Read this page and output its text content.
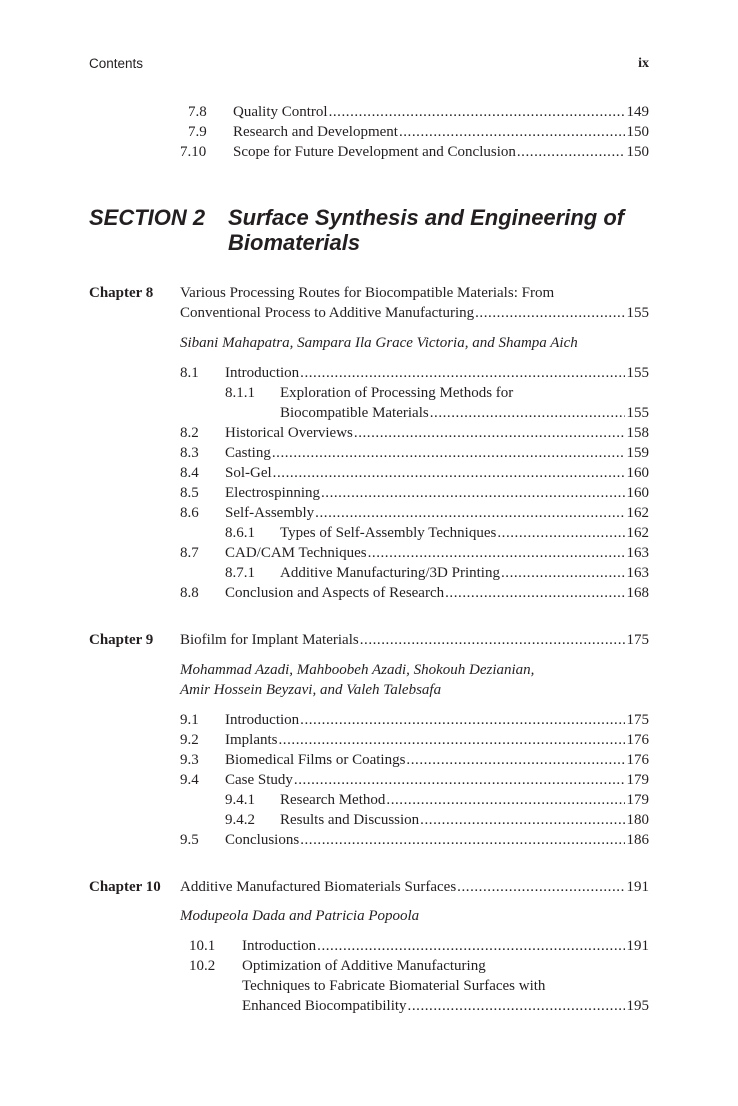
Contents	ix
7.8 Quality Control . . .	149
7.9 Research and Development . . .	150
7.10 Scope for Future Development and Conclusion . . .	150
SECTION 2 Surface Synthesis and Engineering of Biomaterials
Chapter 8 Various Processing Routes for Biocompatible Materials: From
Conventional Process to Additive Manufacturing . . .	155
Sibani Mahapatra, Sampara Ila Grace Victoria, and Shampa Aich
8.1 Introduction . . .	155
8.1.1 Exploration of Processing Methods for
Biocompatible Materials . . .	155
8.2 Historical Overviews . . .	158
8.3 Casting . . .	159
8.4 Sol-Gel . . .	160
8.5 Electrospinning . . .	160
8.6 Self-Assembly . . .	162
8.6.1 Types of Self-Assembly Techniques . . .	162
8.7 CAD/CAM Techniques . . .	163
8.7.1 Additive Manufacturing/3D Printing . . .	163
8.8 Conclusion and Aspects of Research . . .	168
Chapter 9 Biofilm for Implant Materials . . .	175
Mohammad Azadi, Mahboobeh Azadi, Shokouh Dezianian,
Amir Hossein Beyzavi, and Valeh Talebsafa
9.1 Introduction . . .	175
9.2 Implants . . .	176
9.3 Biomedical Films or Coatings . . .	176
9.4 Case Study . . .	179
9.4.1 Research Method . . .	179
9.4.2 Results and Discussion . . .	180
9.5 Conclusions . . .	186
Chapter 10 Additive Manufactured Biomaterials Surfaces . . .	191
Modupeola Dada and Patricia Popoola
10.1 Introduction . . .	191
10.2 Optimization of Additive Manufacturing
Techniques to Fabricate Biomaterial Surfaces with
Enhanced Biocompatibility . . .	195
